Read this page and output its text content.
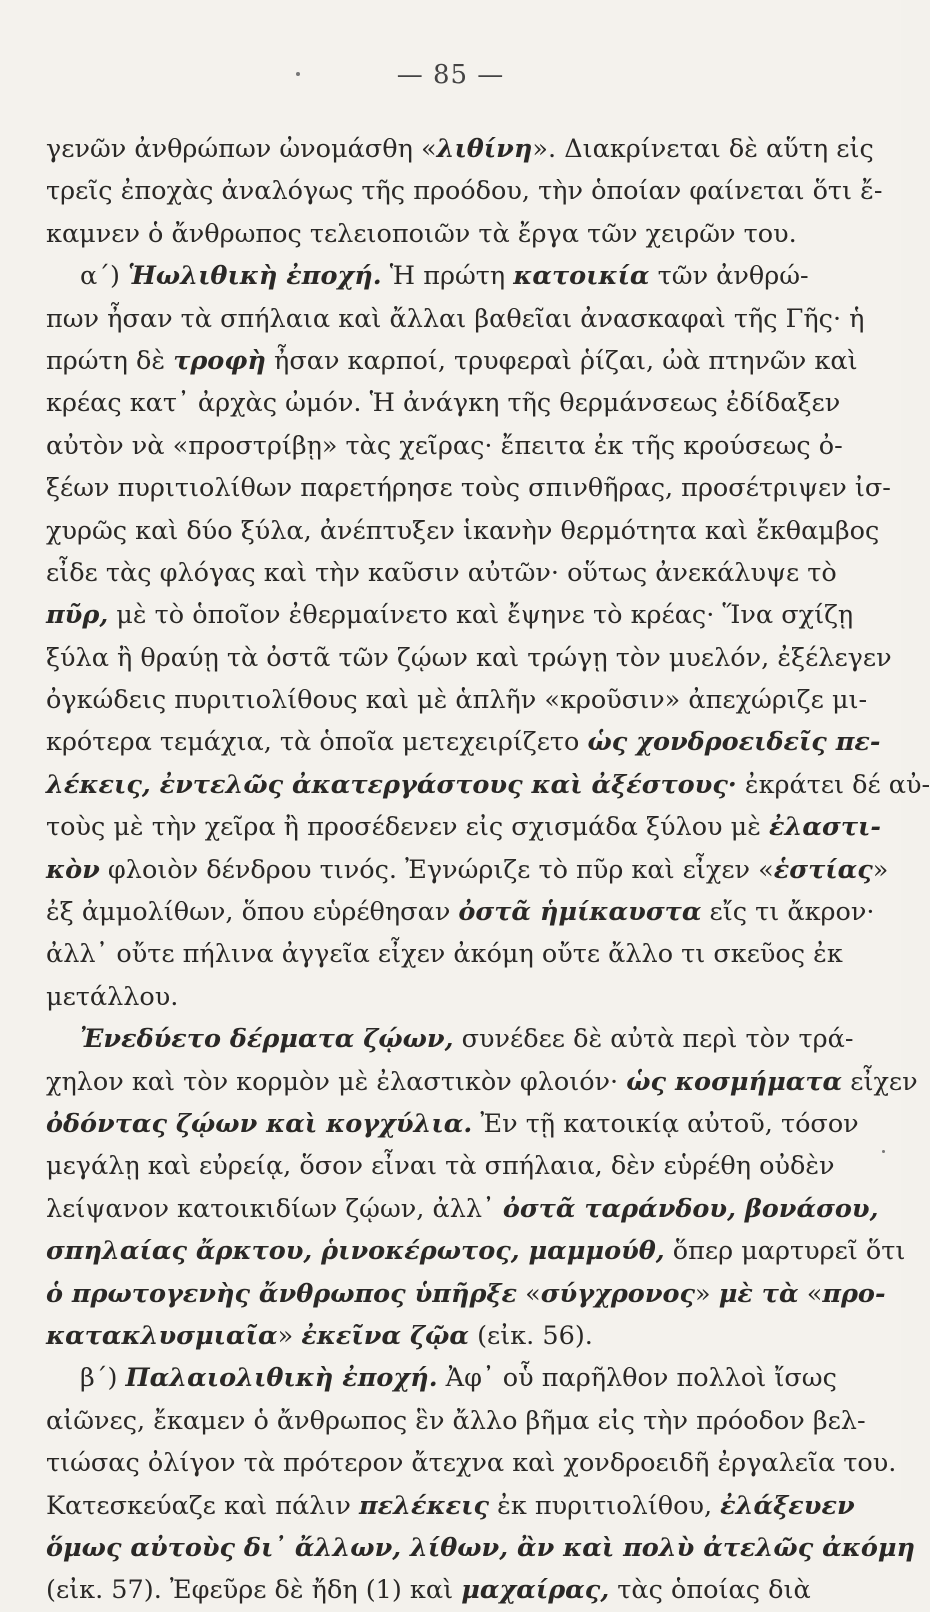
— 85 —
γενῶν ἀνθρώπων ὠνομάσθη «λιθίνη». Διακρίνεται δὲ αὕτη εἰς
τρεῖς ἐποχὰς ἀναλόγως τῆς προόδου, τὴν ὁποίαν φαίνεται ὅτι ἔ-
καμνεν ὁ ἄνθρωπος τελειοποιῶν τὰ ἔργα τῶν χειρῶν του.
α΄) Ἡωλιθικὴ ἐποχή. Ἡ πρώτη κατοικία τῶν ἀνθρώ-
πων ἦσαν τὰ σπήλαια καὶ ἄλλαι βαθεῖαι ἀνασκαφαὶ τῆς Γῆς· ἡ
πρώτη δὲ τροφὴ ἦσαν καρποί, τρυφεραὶ ῥίζαι, ὠὰ πτηνῶν καὶ
κρέας κατ᾿ ἀρχὰς ὠμόν. Ἡ ἀνάγκη τῆς θερμάνσεως ἐδίδαξεν
αὐτὸν νὰ «προστρίβῃ» τὰς χεῖρας· ἔπειτα ἐκ τῆς κρούσεως ὀ-
ξέων πυριτιολίθων παρετήρησε τοὺς σπινθῆρας, προσέτριψεν ἰσ-
χυρῶς καὶ δύο ξύλα, ἀνέπτυξεν ἱκανὴν θερμότητα καὶ ἔκθαμβος
εἶδε τὰς φλόγας καὶ τὴν καῦσιν αὐτῶν· οὕτως ἀνεκάλυψε τὸ
πῦρ, μὲ τὸ ὁποῖον ἐθερμαίνετο καὶ ἔψηνε τὸ κρέας· Ἵνα σχίζῃ
ξύλα ἢ θραύῃ τὰ ὀστᾶ τῶν ζῴων καὶ τρώγῃ τὸν μυελόν, ἐξέλεγεν
ὀγκώδεις πυριτιολίθους καὶ μὲ ἁπλῆν «κροῦσιν» ἀπεχώριζε μι-
κρότερα τεμάχια, τὰ ὁποῖα μετεχειρίζετο ὡς χονδροειδεῖς πε-
λέκεις, ἐντελῶς ἀκατεργάστους καὶ ἀξέστους· ἐκράτει δέ αὐ-
τοὺς μὲ τὴν χεῖρα ἢ προσέδενεν εἰς σχισμάδα ξύλου μὲ ἐλαστι-
κὸν φλοιὸν δένδρου τινός. Ἐγνώριζε τὸ πῦρ καὶ εἶχεν «ἑστίας»
ἐξ ἀμμολίθων, ὅπου εὑρέθησαν ὀστᾶ ἡμίκαυστα εἴς τι ἄκρον·
ἀλλ᾿ οὔτε πήλινα ἀγγεῖα εἶχεν ἀκόμη οὔτε ἄλλο τι σκεῦος ἐκ
μετάλλου.
Ἐνεδύετο δέρματα ζῴων, συνέδεε δὲ αὐτὰ περὶ τὸν τρά-
χηλον καὶ τὸν κορμὸν μὲ ἐλαστικὸν φλοιόν· ὡς κοσμήματα εἶχεν
ὀδόντας ζῴων καὶ κογχύλια. Ἐν τῇ κατοικίᾳ αὐτοῦ, τόσον
μεγάλῃ καὶ εὐρείᾳ, ὅσον εἶναι τὰ σπήλαια, δὲν εὑρέθη οὐδὲν
λείψανον κατοικιδίων ζῴων, ἀλλ᾿ ὀστᾶ ταράνδου, βονάσου,
σπηλαίας ἄρκτου, ῥινοκέρωτος, μαμμούθ, ὅπερ μαρτυρεῖ ὅτι
ὁ πρωτογενὴς ἄνθρωπος ὑπῆρξε «σύγχρονος» μὲ τὰ «προ-
κατακλυσμιαῖα» ἐκεῖνα ζῷα (εἰκ. 56).
β΄) Παλαιολιθικὴ ἐποχή. Ἀφ᾿ οὗ παρῆλθον πολλοὶ ἴσως
αἰῶνες, ἔκαμεν ὁ ἄνθρωπος ἓν ἄλλο βῆμα εἰς τὴν πρόοδον βελ-
τιώσας ὀλίγον τὰ πρότερον ἄτεχνα καὶ χονδροειδῆ ἐργαλεῖα του.
Κατεσκεύαζε καὶ πάλιν πελέκεις ἐκ πυριτιολίθου, ἐλάξευεν
ὅμως αὐτοὺς δι᾿ ἄλλων, λίθων, ἂν καὶ πολὺ ἀτελῶς ἀκόμη
(εἰκ. 57). Ἐφεῦρε δὲ ἤδη (1) καὶ μαχαίρας, τὰς ὁποίας διὰ
